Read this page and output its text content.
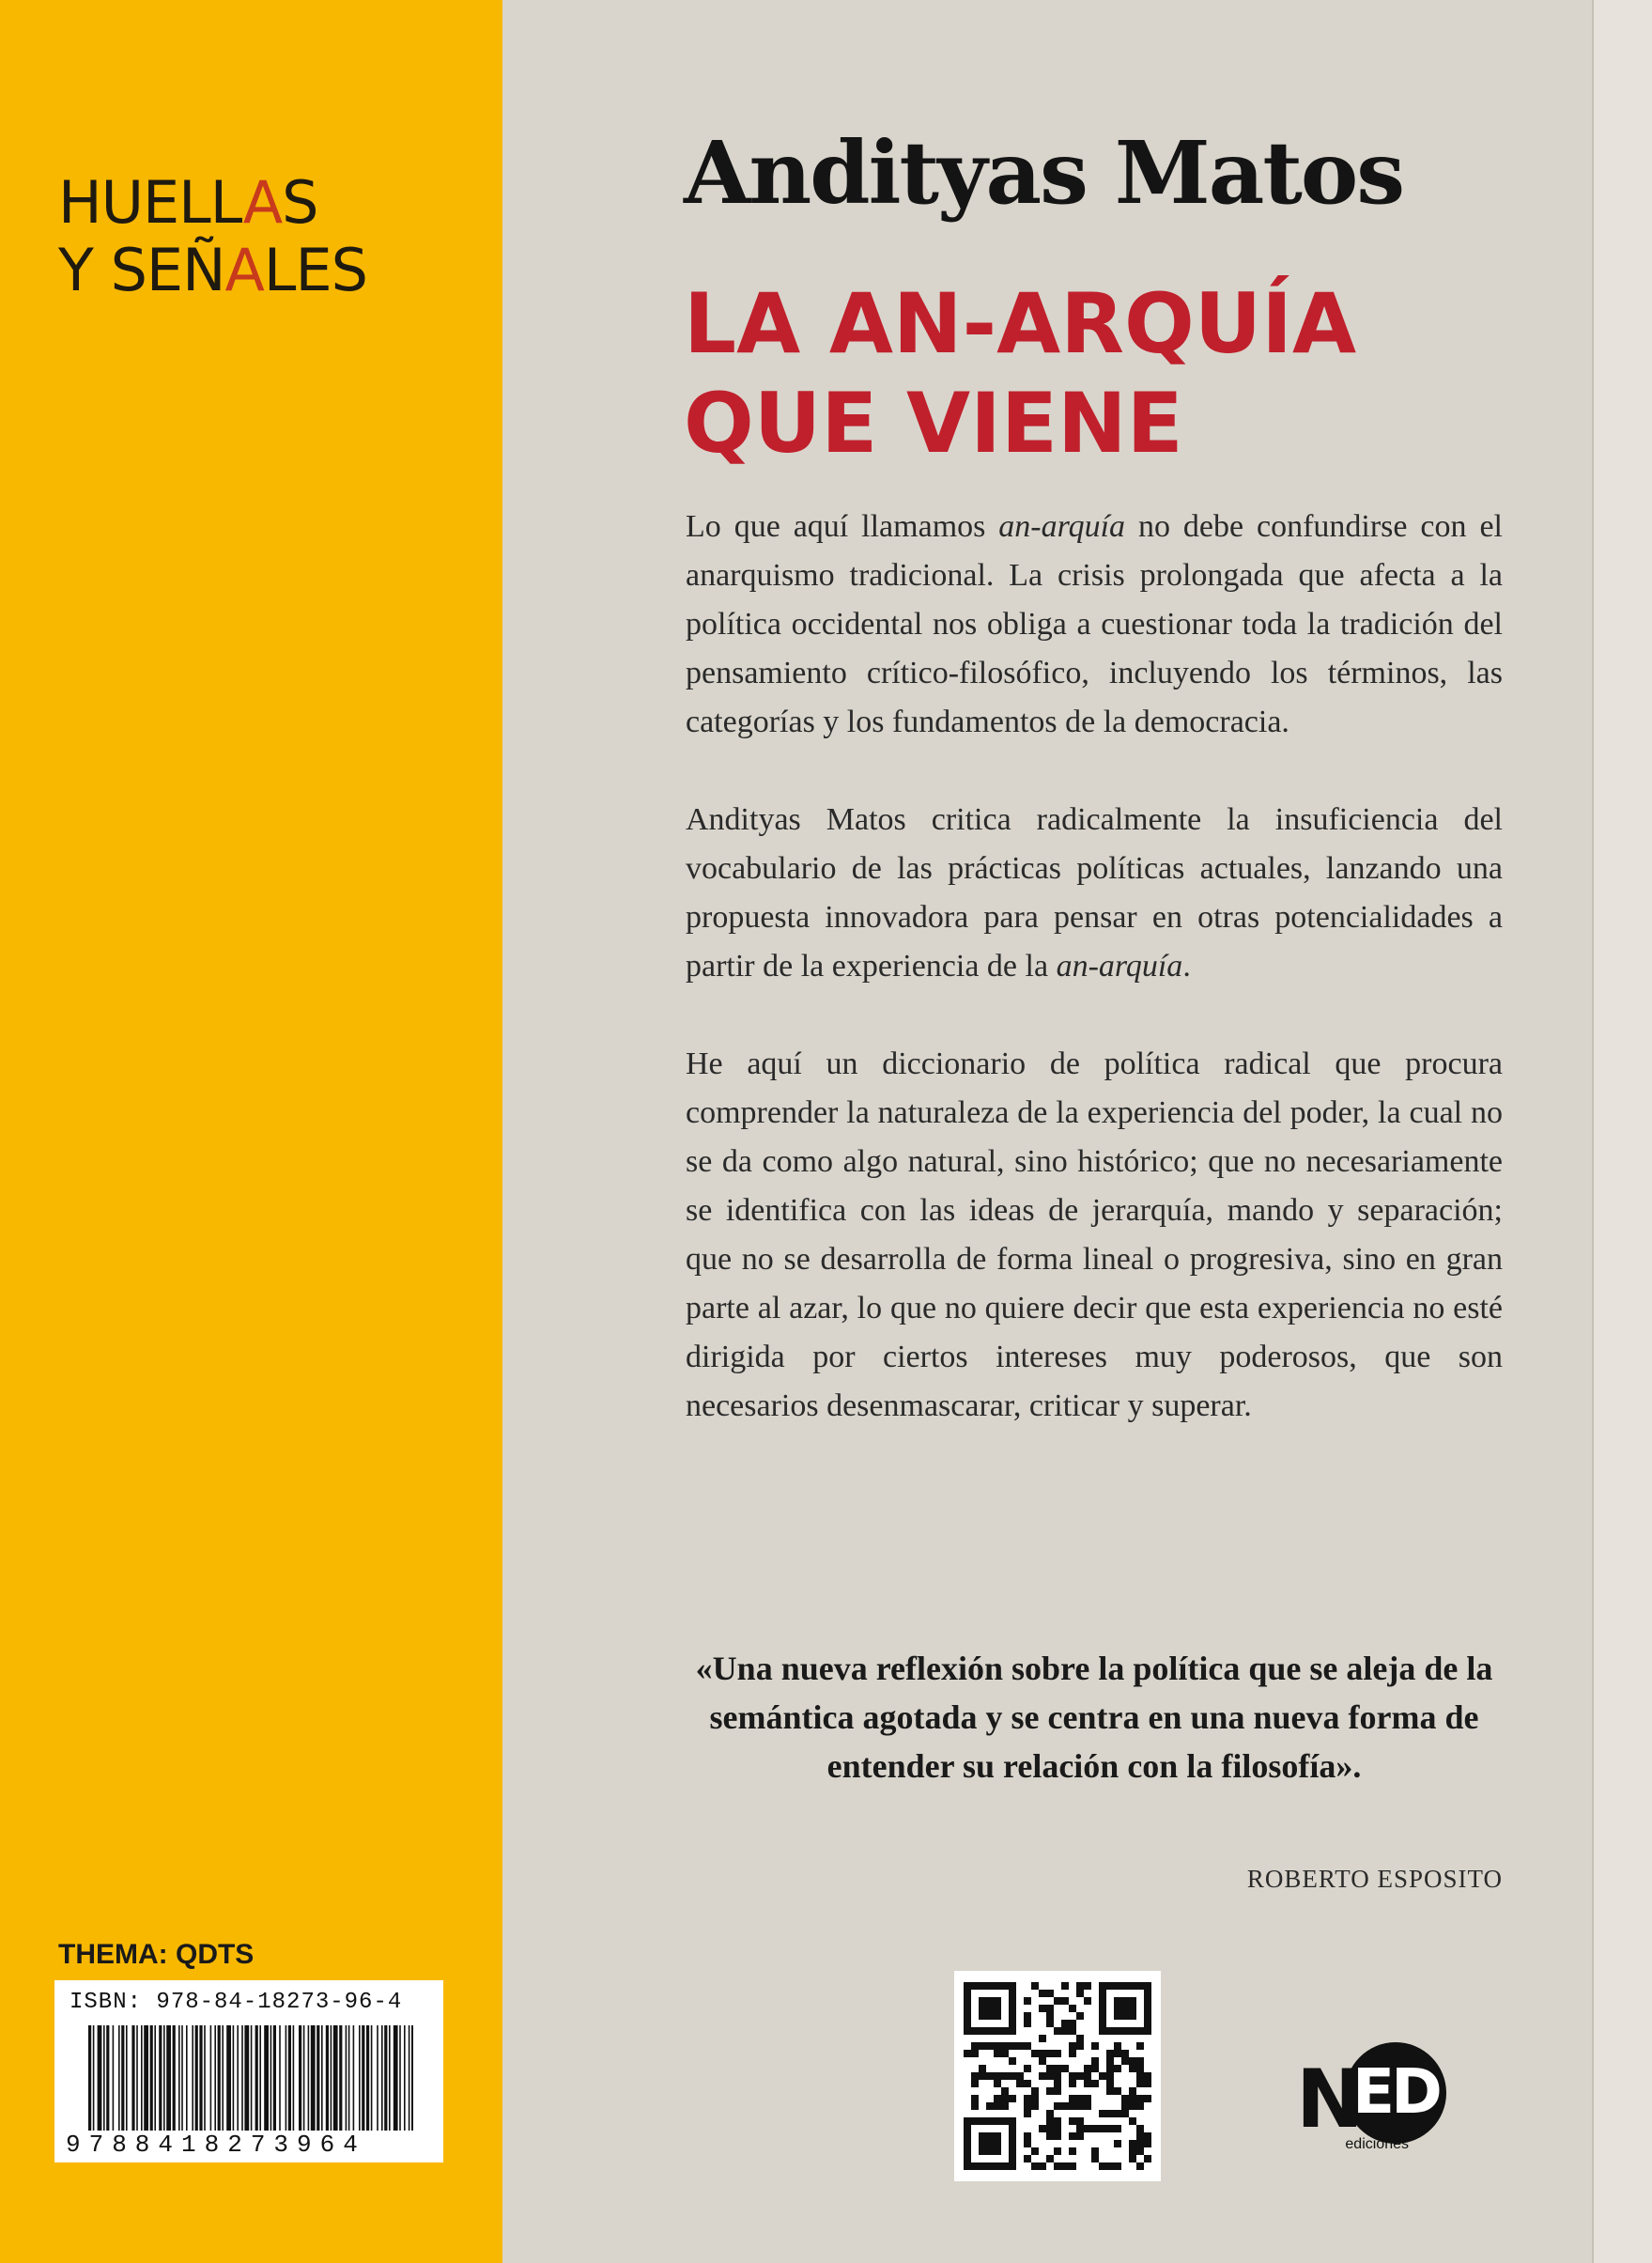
HUELLAS
Y SEÑALES
THEMA: QDTS
ISBN: 978-84-18273-96-4
9788418273964
Andityas Matos
LA AN-ARQUÍA
QUE VIENE

Lo que aquí llamamos an-arquía no debe confundirse con el anarquismo tradicional. La crisis prolongada que afecta a la política occidental nos obliga a cuestionar toda la tradición del pensamiento crítico-filosófico, incluyendo los términos, las categorías y los fundamentos de la democracia.

Andityas Matos critica radicalmente la insuficiencia del vocabulario de las prácticas políticas actuales, lanzando una propuesta innovadora para pensar en otras potencialidades a partir de la experiencia de la an-arquía.

He aquí un diccionario de política radical que procura comprender la naturaleza de la experiencia del poder, la cual no se da como algo natural, sino histórico; que no necesariamente se identifica con las ideas de jerarquía, mando y separación; que no se desarrolla de forma lineal o progresiva, sino en gran parte al azar, lo que no quiere decir que esta experiencia no esté dirigida por ciertos intereses muy poderosos, que son necesarios desenmascarar, criticar y superar.

«Una nueva reflexión sobre la política que se aleja de la semántica agotada y se centra en una nueva forma de entender su relación con la filosofía».

ROBERTO ESPOSITO
N
ED
ediciones
